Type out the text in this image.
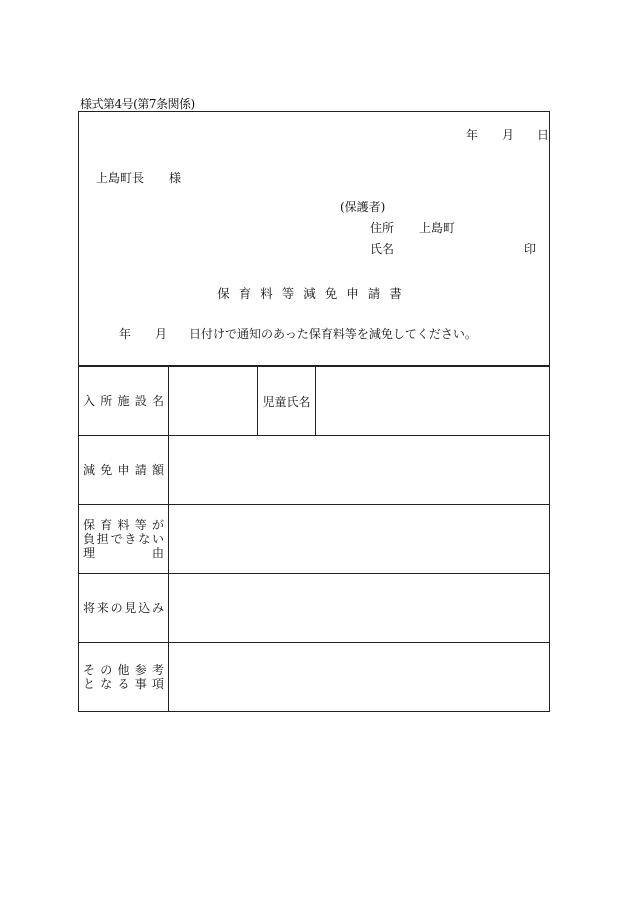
様式第4号(第7条関係)
年 月 日
上島町長 様
(保護者)
住所 上島町
氏名	印
保育料等減免申請書
年 月 日付けで通知のあった保育料等を減免してください。
入所施設名		児童氏名	

減免申請額			

保育料等が
負担できない
理由			

将来の見込み			

その他参考
となる事項			
